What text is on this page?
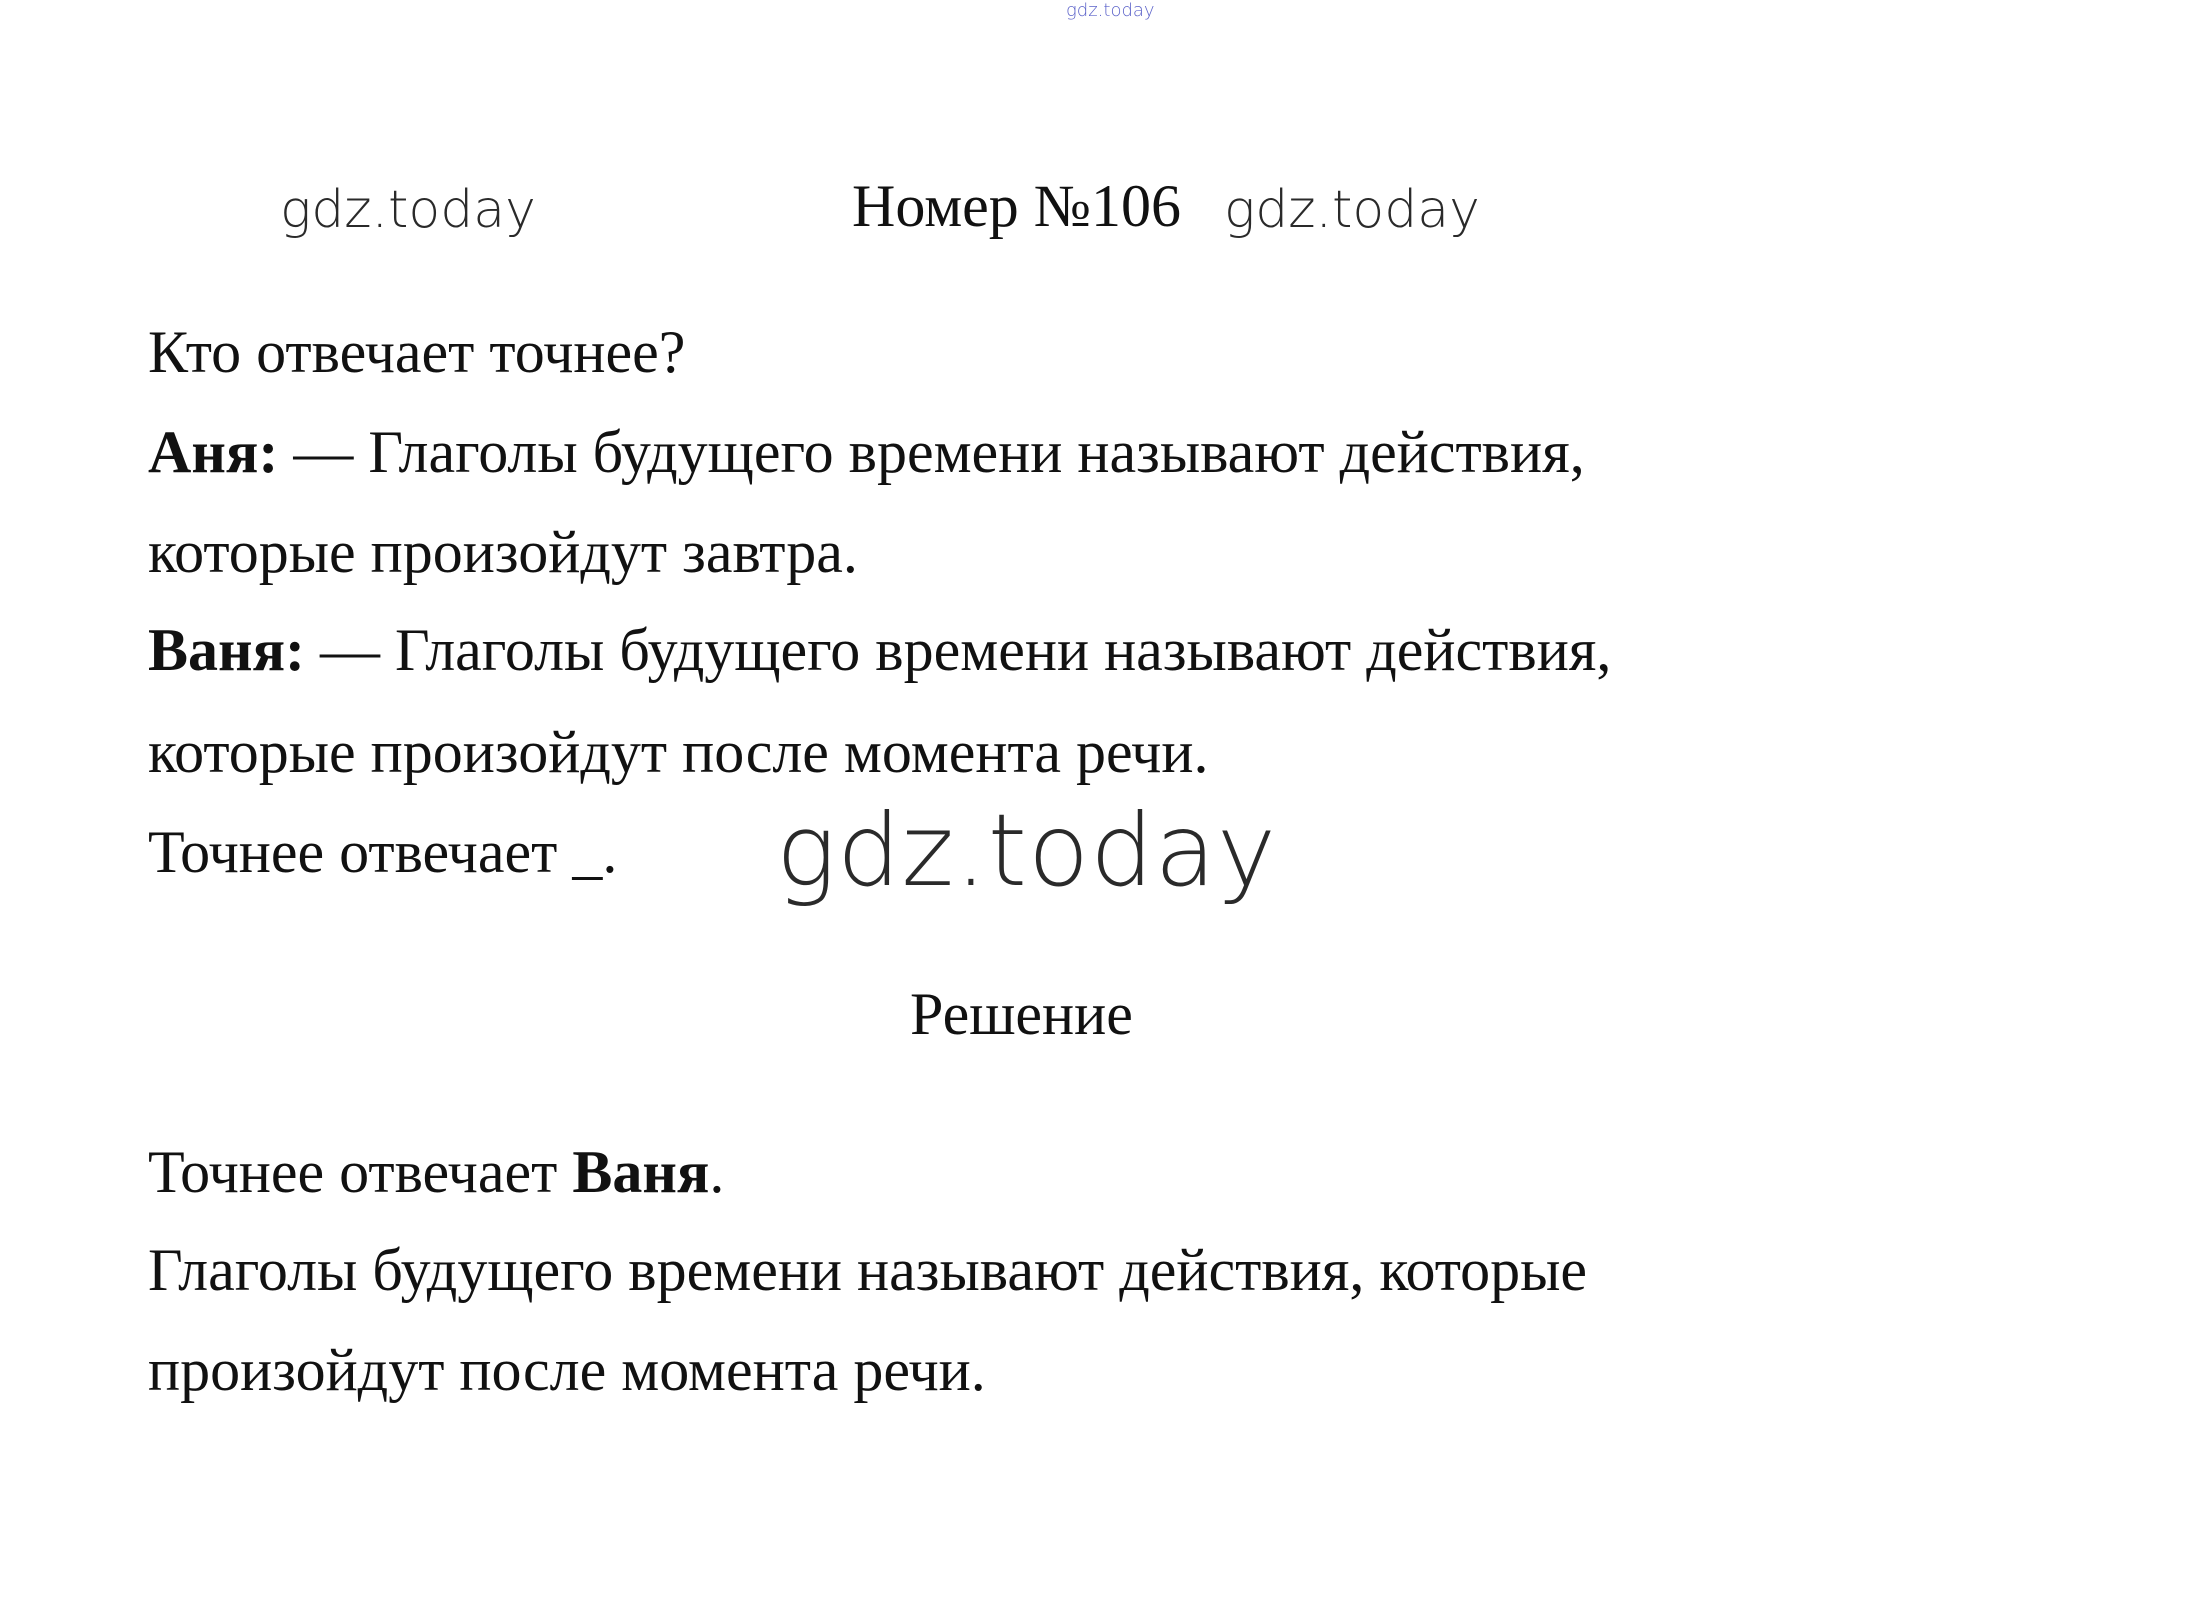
gdz.today
gdz.today	Номер №106 gdz.today
Кто отвечает точнее?
Аня: — Глаголы будущего времени называют действия,
которые произойдут завтра.
Ваня: — Глаголы будущего времени называют действия,
которые произойдут после момента речи.
Точнее отвечает _. gdz.today
Решение
Точнее отвечает Ваня.
Глаголы будущего времени называют действия, которые
произойдут после момента речи.
